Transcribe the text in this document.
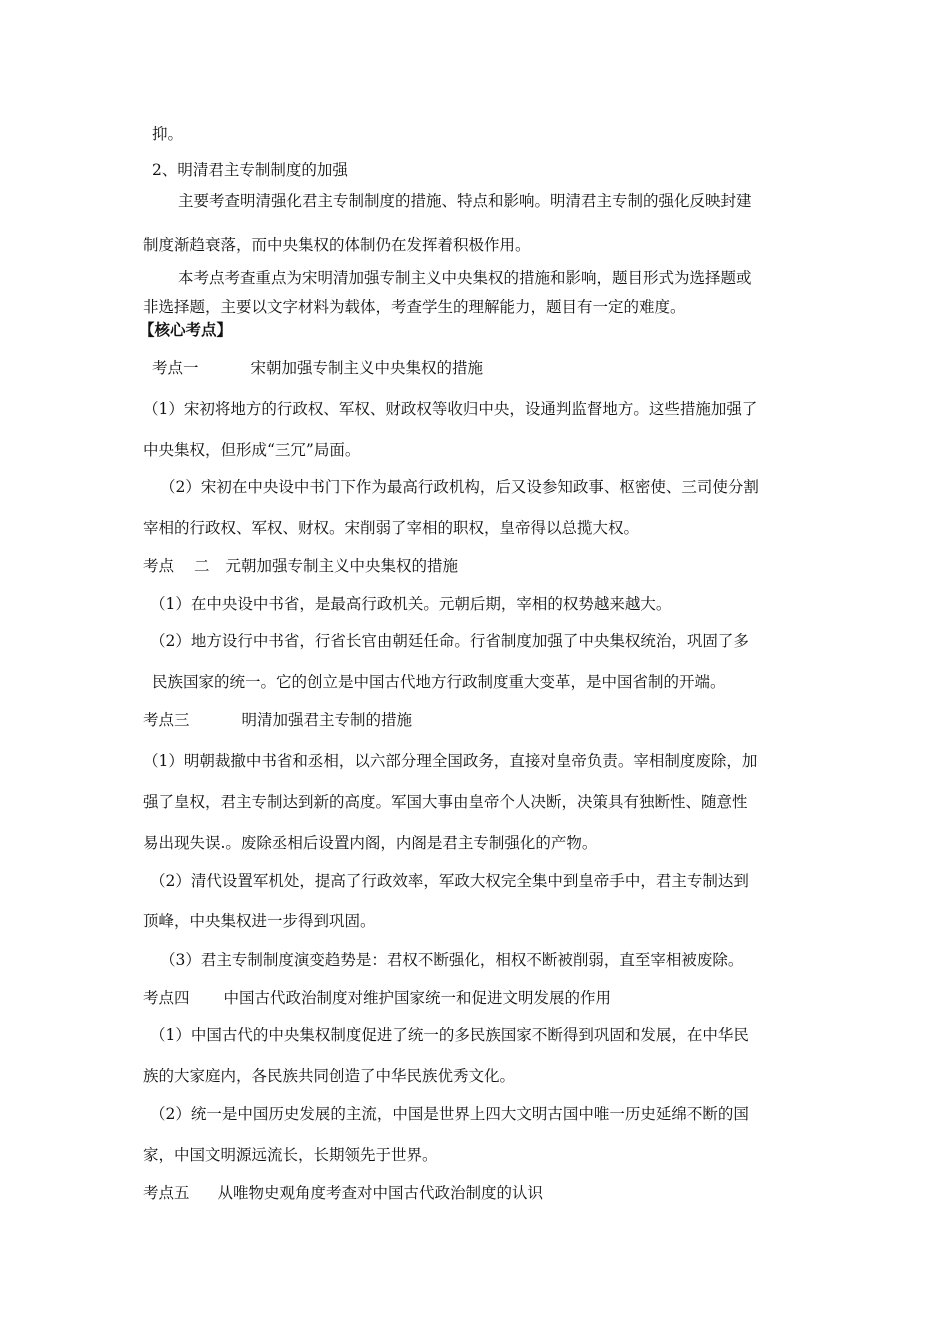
抑。
2、明清君主专制制度的加强
主要考查明清强化君主专制制度的措施、特点和影响。明清君主专制的强化反映封建
制度渐趋衰落，而中央集权的体制仍在发挥着积极作用。
本考点考查重点为宋明清加强专制主义中央集权的措施和影响，题目形式为选择题或
非选择题，主要以文字材料为载体，考查学生的理解能力，题目有一定的难度。
【核心考点】
考点一	宋朝加强专制主义中央集权的措施
（1）宋初将地方的行政权、军权、财政权等收归中央，设通判监督地方。这些措施加强了
中央集权，但形成“三冗”局面。
（2）宋初在中央设中书门下作为最高行政机构，后又设参知政事、枢密使、三司使分割
宰相的行政权、军权、财权。宋削弱了宰相的职权，皇帝得以总揽大权。
考点 二 元朝加强专制主义中央集权的措施
（1）在中央设中书省，是最高行政机关。元朝后期，宰相的权势越来越大。
（2）地方设行中书省，行省长官由朝廷任命。行省制度加强了中央集权统治，巩固了多
民族国家的统一。它的创立是中国古代地方行政制度重大变革，是中国省制的开端。
考点三	明清加强君主专制的措施
（1）明朝裁撤中书省和丞相，以六部分理全国政务，直接对皇帝负责。宰相制度废除，加
强了皇权，君主专制达到新的高度。军国大事由皇帝个人决断，决策具有独断性、随意性
易出现失误.。废除丞相后设置内阁，内阁是君主专制强化的产物。
（2）清代设置军机处，提高了行政效率，军政大权完全集中到皇帝手中，君主专制达到
顶峰，中央集权进一步得到巩固。
（3）君主专制制度演变趋势是：君权不断强化，相权不断被削弱，直至宰相被废除。
考点四 中国古代政治制度对维护国家统一和促进文明发展的作用
（1）中国古代的中央集权制度促进了统一的多民族国家不断得到巩固和发展，在中华民
族的大家庭内，各民族共同创造了中华民族优秀文化。
（2）统一是中国历史发展的主流，中国是世界上四大文明古国中唯一历史延绵不断的国
家，中国文明源远流长，长期领先于世界。
考点五 从唯物史观角度考查对中国古代政治制度的认识
